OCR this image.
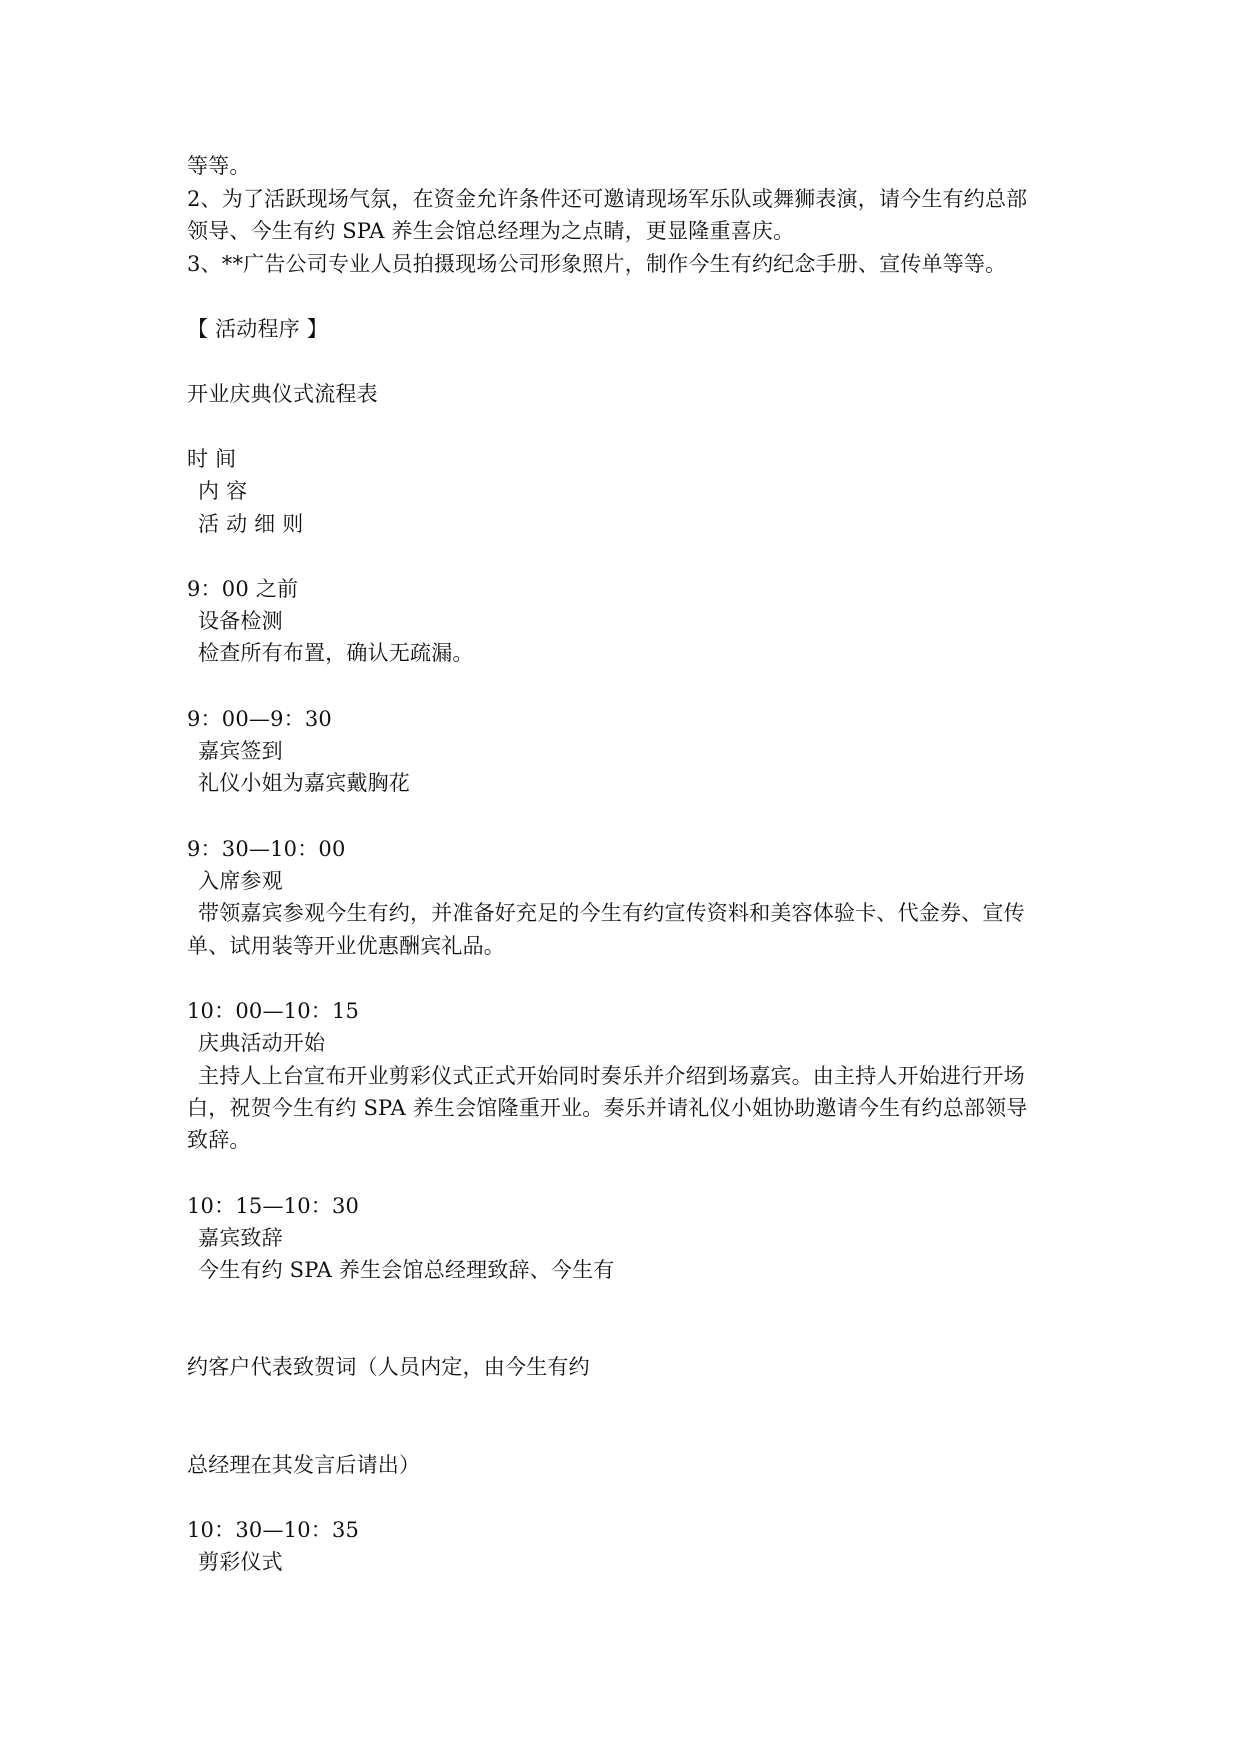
等等。
2、为了活跃现场气氛，在资金允许条件还可邀请现场军乐队或舞狮表演，请今生有约总部
领导、今生有约 SPA 养生会馆总经理为之点睛，更显隆重喜庆。
3、**广告公司专业人员拍摄现场公司形象照片，制作今生有约纪念手册、宣传单等等。
【 活动程序 】
开业庆典仪式流程表
时 间
内 容
活 动 细 则
9：00 之前
设备检测
检查所有布置，确认无疏漏。
9：00—9：30
嘉宾签到
礼仪小姐为嘉宾戴胸花
9：30—10：00
入席参观
带领嘉宾参观今生有约，并准备好充足的今生有约宣传资料和美容体验卡、代金券、宣传
单、试用装等开业优惠酬宾礼品。
10：00—10：15
庆典活动开始
主持人上台宣布开业剪彩仪式正式开始同时奏乐并介绍到场嘉宾。由主持人开始进行开场
白，祝贺今生有约 SPA 养生会馆隆重开业。奏乐并请礼仪小姐协助邀请今生有约总部领导
致辞。
10：15—10：30
嘉宾致辞
今生有约 SPA 养生会馆总经理致辞、今生有
约客户代表致贺词（人员内定，由今生有约
总经理在其发言后请出）
10：30—10：35
剪彩仪式
